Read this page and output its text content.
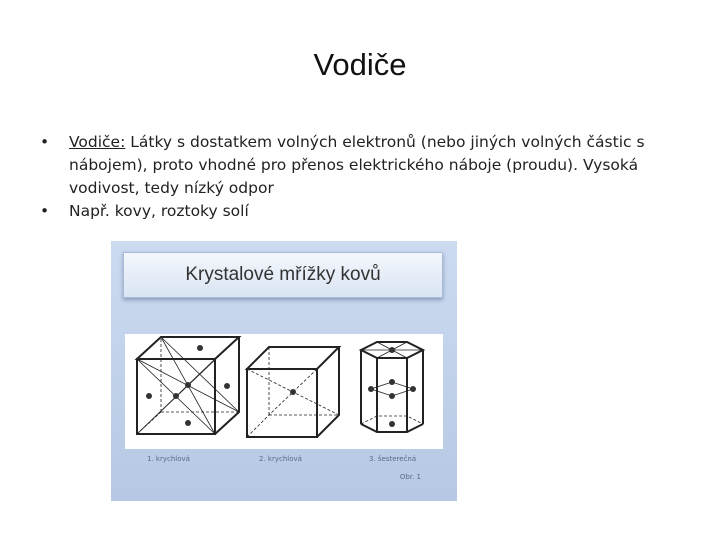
Vodiče
• Vodiče: Látky s dostatkem volných elektronů (nebo jiných volných částic s nábojem), proto vhodné pro přenos elektrického náboje (proudu). Vysoká vodivost, tedy nízký odpor
• Např. kovy, roztoky solí
Krystalové mřížky kovů
1. krychlová	2. krychlová	3. šesterečná
Obr. 1
